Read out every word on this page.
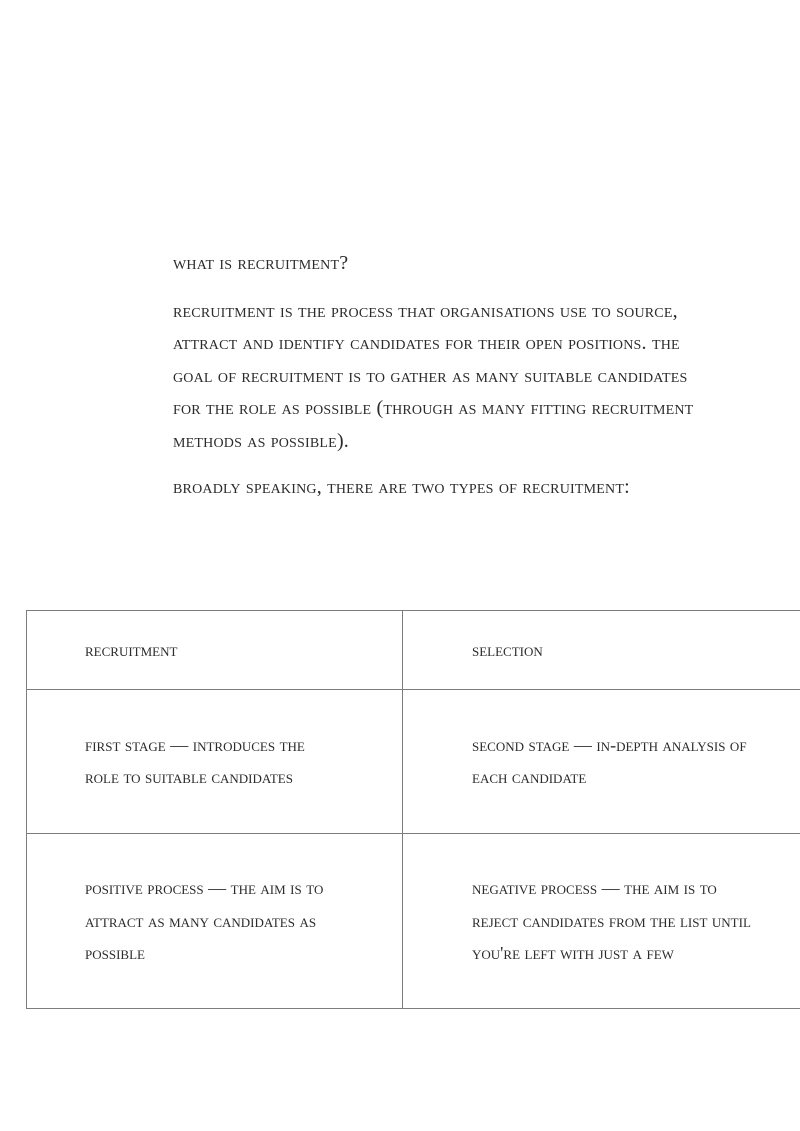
what is recruitment?

recruitment is the process that organisations use to source, attract and identify candidates for their open positions. the goal of recruitment is to gather as many suitable candidates for the role as possible (through as many fitting recruitment methods as possible).

broadly speaking, there are two types of recruitment:

recruitment	selection
first stage — introduces the role to suitable candidates	second stage — in-depth analysis of each candidate
positive process — the aim is to attract as many candidates as possible	negative process — the aim is to reject candidates from the list until you're left with just a few
